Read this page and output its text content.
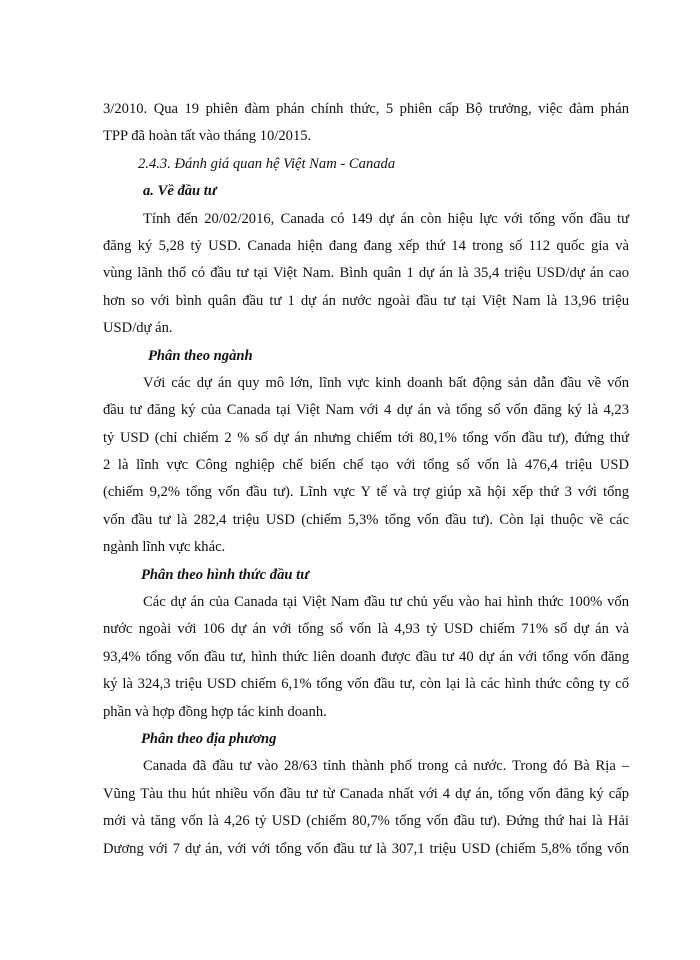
3/2010. Qua 19 phiên đàm phán chính thức, 5 phiên cấp Bộ trưởng, việc đàm phán
TPP đã hoàn tất vào tháng 10/2015.
2.4.3. Đánh giá quan hệ Việt Nam - Canada
a. Về đầu tư
Tính đến 20/02/2016, Canada có 149 dự án còn hiệu lực với tổng vốn đầu tư
đăng ký 5,28 tỷ USD. Canada hiện đang đang xếp thứ 14 trong số 112 quốc gia và
vùng lãnh thổ có đầu tư tại Việt Nam. Bình quân 1 dự án là 35,4 triệu USD/dự án cao
hơn so với bình quân đầu tư 1 dự án nước ngoài đầu tư tại Việt Nam là 13,96 triệu
USD/dự án.
Phân theo ngành
Với các dự án quy mô lớn, lĩnh vực kinh doanh bất động sản dẫn đầu về vốn
đầu tư đăng ký của Canada tại Việt Nam với 4 dự án và tổng số vốn đăng ký là 4,23
tỷ USD (chỉ chiếm 2 % số dự án nhưng chiếm tới 80,1% tổng vốn đầu tư), đứng thứ
2 là lĩnh vực Công nghiệp chế biến chế tạo với tổng số vốn là 476,4 triệu USD
(chiếm 9,2% tổng vốn đầu tư). Lĩnh vực Y tế và trợ giúp xã hội xếp thứ 3 với tổng
vốn đầu tư là 282,4 triệu USD (chiếm 5,3% tổng vốn đầu tư). Còn lại thuộc về các
ngành lĩnh vực khác.
Phân theo hình thức đầu tư
Các dự án của Canada tại Việt Nam đầu tư chủ yếu vào hai hình thức 100% vốn
nước ngoài với 106 dự án với tổng số vốn là 4,93 tỷ USD chiếm 71% số dự án và
93,4% tổng vốn đầu tư, hình thức liên doanh được đầu tư 40 dự án với tổng vốn đăng
ký là 324,3 triệu USD chiếm 6,1% tổng vốn đầu tư, còn lại là các hình thức công ty cổ
phần và hợp đồng hợp tác kinh doanh.
Phân theo địa phương
Canada đã đầu tư vào 28/63 tỉnh thành phố trong cả nước. Trong đó Bà Rịa –
Vũng Tàu thu hút nhiều vốn đầu tư từ Canada nhất với 4 dự án, tổng vốn đăng ký cấp
mới và tăng vốn là 4,26 tỷ USD (chiếm 80,7% tổng vốn đầu tư). Đứng thứ hai là Hải
Dương với 7 dự án, với với tổng vốn đầu tư là 307,1 triệu USD (chiếm 5,8% tổng vốn
